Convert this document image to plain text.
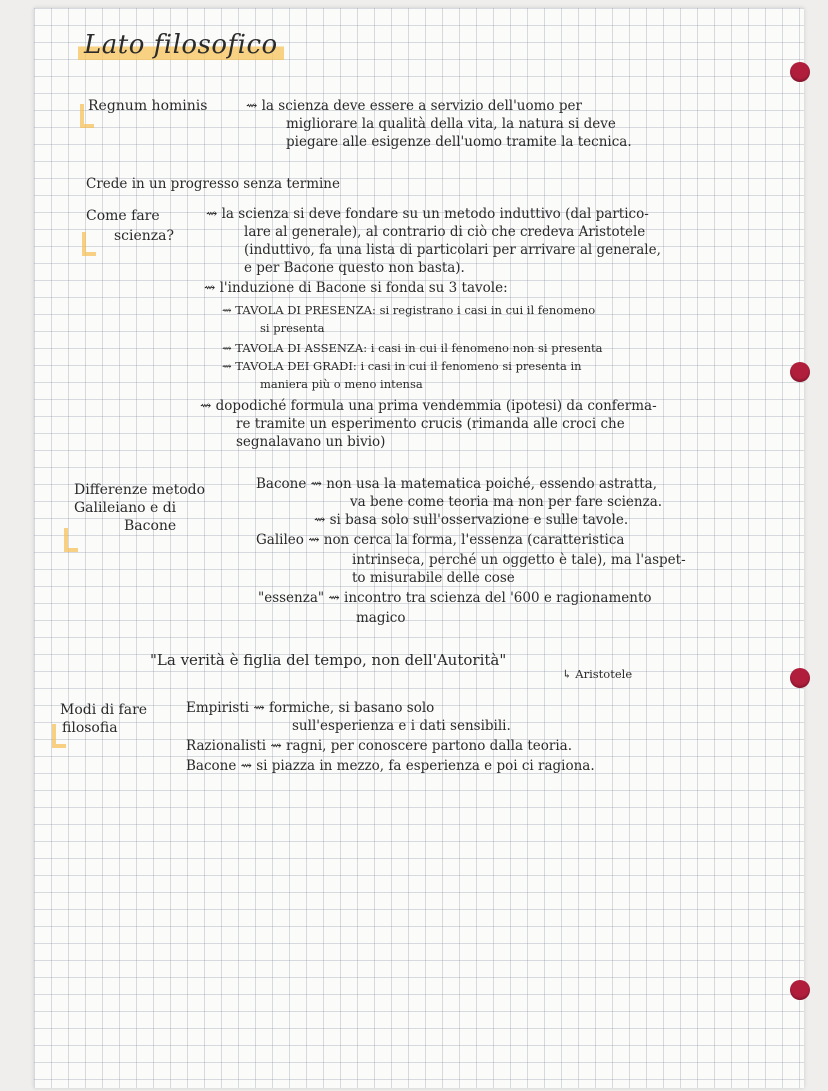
Lato filosofico
Regnum hominis	⇝ la scienza deve essere a servizio dell'uomo per
migliorare la qualità della vita, la natura si deve
piegare alle esigenze dell'uomo tramite la tecnica.
Crede in un progresso senza termine
Come fare
scienza?
⇝ la scienza si deve fondare su un metodo induttivo (dal partico-
lare al generale), al contrario di ciò che credeva Aristotele
(induttivo, fa una lista di particolari per arrivare al generale,
e per Bacone questo non basta).
⇝ l'induzione di Bacone si fonda su 3 tavole:
⇝ TAVOLA DI PRESENZA: si registrano i casi in cui il fenomeno
si presenta
⇝ TAVOLA DI ASSENZA: i casi in cui il fenomeno non si presenta
⇝ TAVOLA DEI GRADI: i casi in cui il fenomeno si presenta in
maniera più o meno intensa
⇝ dopodiché formula una prima vendemmia (ipotesi) da conferma-
re tramite un esperimento crucis (rimanda alle croci che
segnalavano un bivio)
Differenze metodo
Galileiano e di
Bacone
Bacone ⇝ non usa la matematica poiché, essendo astratta,
va bene come teoria ma non per fare scienza.
⇝ si basa solo sull'osservazione e sulle tavole.
Galileo ⇝ non cerca la forma, l'essenza (caratteristica
intrinseca, perché un oggetto è tale), ma l'aspet-
to misurabile delle cose
"essenza" ⇝ incontro tra scienza del '600 e ragionamento
magico
"La verità è figlia del tempo, non dell'Autorità"
↳ Aristotele
Modi di fare
filosofia
Empiristi ⇝ formiche, si basano solo
sull'esperienza e i dati sensibili.
Razionalisti ⇝ ragni, per conoscere partono dalla teoria.
Bacone ⇝ si piazza in mezzo, fa esperienza e poi ci ragiona.
